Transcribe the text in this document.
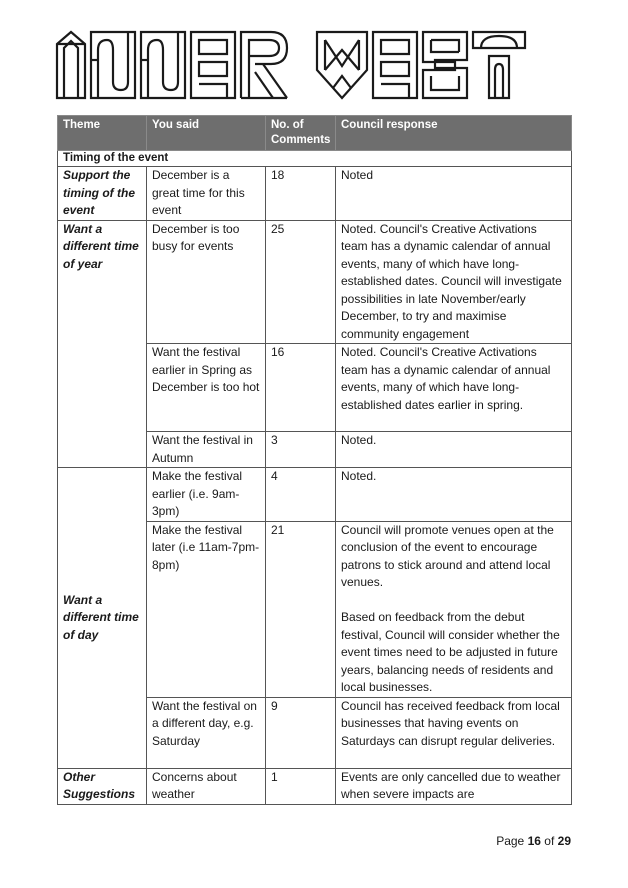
Theme	You said	No. of Comments	Council response
Timing of the event			
Support the timing of the event	December is a great time for this event	18	Noted

Want a different time of year	December is too busy for events	25	Noted. Council's Creative Activations team has a dynamic calendar of annual events, many of which have long-established dates. Council will investigate possibilities in late November/early December, to try and maximise community engagement

	Want the festival earlier in Spring as December is too hot	16	Noted. Council's Creative Activations team has a dynamic calendar of annual events, many of which have long-established dates earlier in spring.

	Want the festival in Autumn	3	Noted.

Want a different time of day	Make the festival earlier (i.e. 9am-3pm)	4	Noted.

	Make the festival later (i.e 11am-7pm-8pm)	21	Council will promote venues open at the conclusion of the event to encourage patrons to stick around and attend local venues.
Based on feedback from the debut festival, Council will consider whether the event times need to be adjusted in future years, balancing needs of residents and local businesses.

	Want the festival on a different day, e.g. Saturday	9	Council has received feedback from local businesses that having events on Saturdays can disrupt regular deliveries.

Other Suggestions	Concerns about weather	1	Events are only cancelled due to weather when severe impacts are
Page 16 of 29
